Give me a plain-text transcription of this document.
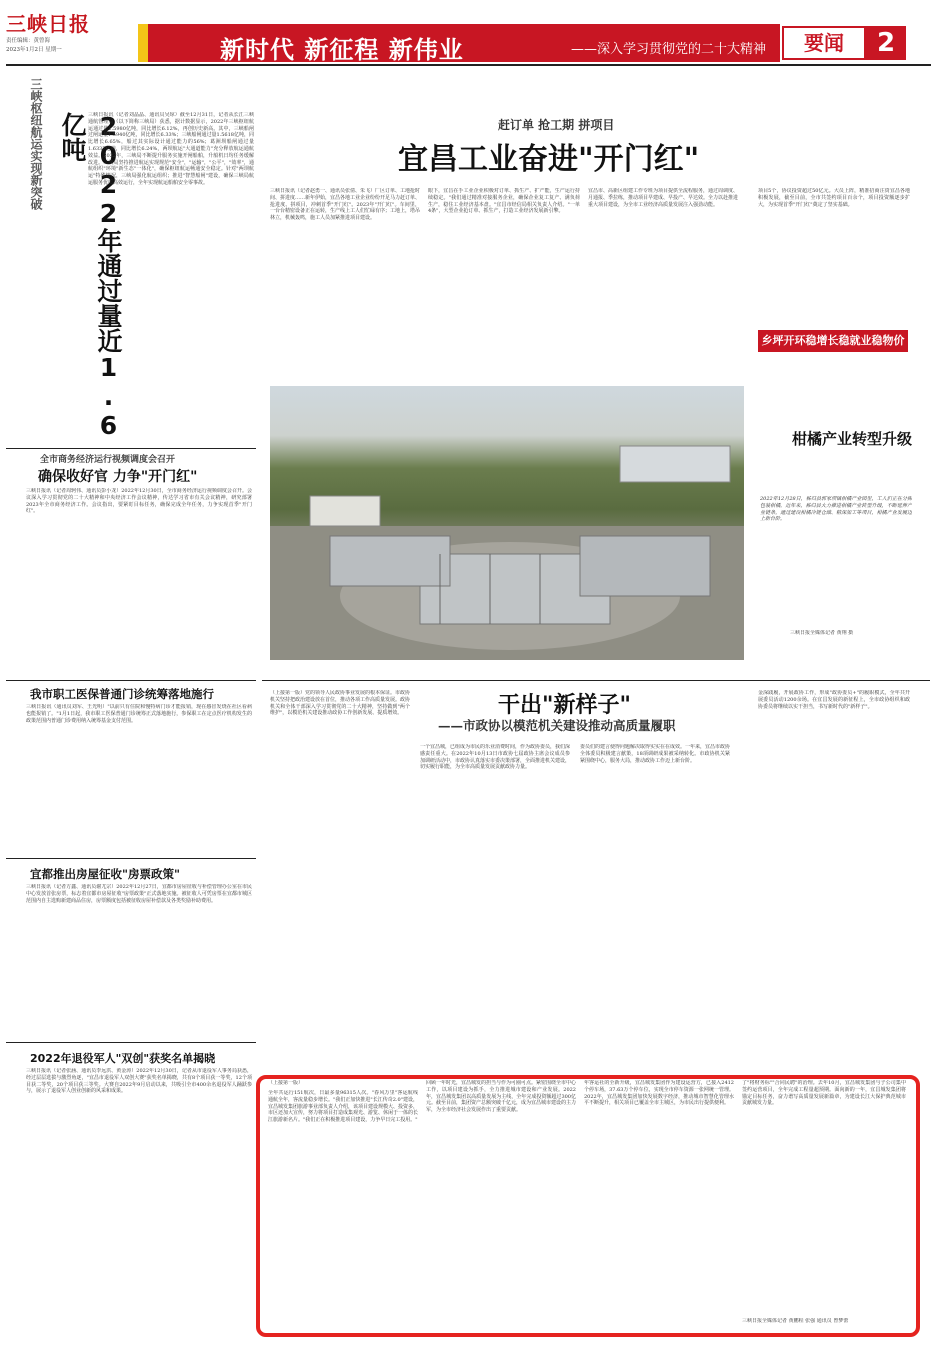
三峡日报
责任编辑：黄曾海
2023年1月2日 星期一	新时代 新征程 新伟业	——深入学习贯彻党的二十大精神	要闻	2
三峡枢纽航运实现新突破	2022年通过量近1.6亿吨 三峡日报讯（记者刘晶晶、通讯员吴琼）截至12月31日，记者从长江三峡通航管理局（以下简称三峡局）获悉，据计数据显示，2022年三峡枢纽航运通过量1.5980亿吨，同比增长6.12%，再创历史新高。其中，三峡船闸过闸运量1.5940亿吨，同比增长6.33%；三峡船闸通过量1.5618亿吨，同比增长6.65%，船过其实际设计通过能力的56%；葛洲坝船闸通过量1.6337亿吨，同比增长6.24%，两坝航运"大通道能力"充分释放航运通航效益。2022年，三峡局不断提升服务实施开闸船舶，升船机日均任务缓解改进。三峡局坚持推进航运实现规范"安全"，"运输"，"公平"，"效率"，通航组织"环境"新生态"一体化"，确保枢纽航运畅通安全稳定。针对"两坝航运"特殊情况，三峡局强化航运组织；推进"智慧船闸"建设，确保三峡局航运服务优质高效运行，全年实现航运船舶安全零事故。
赶订单 抢工期 拼项目
宜昌工业奋进"开门红"
三峡日报讯（记者赵勇一、通讯员张倩、朱飞）厂区订单、工地抢时间、拼进度……新年伊始，宜昌各地工业企业纷纷开足马力赶订单、抢进度、拼项目，冲刺首季"开门红"。2023年"开门红"。车间里，一台台精密设备正在运转，生产线上工人们忙碌有序；工地上，塔吊林立，机械轰鸣，施工人员加紧推进项目建设。
眼下，宜昌在手工业企业积极对订单、抓生产、扩产能，生产运行持续稳定。"我们通过精准对接服务企业，确保企业复工复产、满负荷生产，稳住工业经济基本盘。"宜昌市经信局相关负责人介绍。"一单4条"，大型企业抢订单、抓生产，打造工业经济发展新引擎。
宜昌市、高新区组建工作专班为项目提供全流程服务，通过周调度、月通报、季拉练，推动项目早建成、早投产、早达效。全力以赴推进重大项目建设，为全市工业经济高质量发展注入强劲动能。
项目5个，协议投资超过50亿元。大员上阵，精准招商注资宜昌各地积极发展，截至目前，全市共签约项目百余个，项目投资额逐步扩大，为实现首季"开门红"奠定了坚实基础。
乡坪开环稳增长稳就业稳物价
柑橘产业转型升级
2022年12月28日，秭归县郭家坝镇柑橘产业园里，工人们正在分拣包装柑橘。近年来，秭归县大力推进柑橘产业转型升级，不断延伸产业链条，通过建设柑橘冷链仓储、精深加工等项目，柑橘产业发展迈上新台阶。
三峡日报全媒体记者 黄翔 摄
全市商务经济运行视频调度会召开
确保收好官 力争"开门红"
三峡日报讯（记者周轲伟、通讯员彭小龙）2022年12月30日，全市商务经济运行视频调度会召开。会议深入学习贯彻党的二十大精神和中央经济工作会议精神，传达学习省市有关会议精神，研究部署2023年全市商务经济工作。会议指出，要紧盯目标任务，确保完成全年任务，力争实现首季"开门红"。
我市职工医保普通门诊统筹落地施行
三峡日报讯（通讯员刘军、王光明）"以前只有住院和慢特病门诊才能报销，现在感冒发烧在社区看病也能报销了。"1月1日起，我市职工医保普通门诊统筹正式落地施行，参保职工在定点医疗机构发生的政策范围内普通门诊费用纳入统筹基金支付范围。
宜都推出房屋征收"房票政策"
三峡日报讯（记者方鑫、通讯员谢尤宗）2022年12月27日，宜都市房屋征收与补偿管理办公室在市民中心发放首张房票，标志着宜都市房屋征收"房票政策"正式落地实施。被征收人可凭房票在宜都市城区范围内自主选购新建商品住房，房票额度包括被征收房屋补偿款及各类奖励补助费用。
2022年退役军人"双创"获奖名单揭晓
三峡日报讯（记者张涵、通讯员李远洪、黄金涛）2022年12月30日，记者从市退役军人事务局获悉，经过层层选拔与激烈角逐，"宜昌市退役军人双创大赛"获奖名单揭晓，共有8个项目获一等奖，12个项目获二等奖，20个项目获三等奖。大赛自2022年9月启动以来，共吸引全市400余名退役军人踊跃参与，展示了退役军人创业创新的风采和成果。
干出"新样子"
——市政协以模范机关建设推动高质量履职
（上接第一版）党的领导人民政协事业发展的根本保证。市政协机关坚持把政治建设放在首位，推动各项工作高质量发展。政协机关和全体干部深入学习贯彻党的二十大精神，坚持做到"两个维护"，以模范机关建设推动政协工作创新发展、提质增效。
一个宜昌城，已组成为市民的乐业消费时间，作为政协委员，我们深感责任重大。在2022年10月13日市政协七届政协主席会议成员参加调研活动中，市政协认真落实市委决策部署，全面推进机关建设，切实履行职能，为全市高质量发展贡献政协力量。
委员们的建言使得问题解决取得实实在在成效。一年来，宜昌市政协全体委员积极建言献策，18项调研成果被采纳转化。市政协机关紧紧围绕中心，服务大局，推动政协工作迈上新台阶。
金深践履，开展政协工作，形成"政协委员+"的履职模式，全年共开展委员活动1200余场。在宜昌发展的新征程上，全市政协组织和政协委员将继续以实干担当，书写新时代的"新样子"。
（上接第一版）
全年共运行151航次，日最多量96315人次。"春风万里"客运航线通航全年，客流量稳步增长。"我们正加快推进"长江传奇2.0"建设，宜昌城发集团旅游事业部负责人介绍，该项目建设规模大、投资多，市区还加大宣传，努力将项目打造成集观光、游览、休闲于一体的长江旅游新名片。"我们正在积极推进项目建设，力争早日完工投用。"
回顾一年时光，宜昌城发的担当与作为可圈可点。紧密围绕全市中心工作，以项目建设为抓手，全力推进城市建设和产业发展。2022年，宜昌城发集团以高质量发展为主线，全年完成投资额超过300亿元。截至目前，集团资产总额突破千亿元，成为宜昌城市建设的主力军，为全市经济社会发展作出了重要贡献。
年客运社的全新升级，宜昌城发集团作为建设运营方，已接入2412个停车场，37.63万个停车位，实现全市停车资源一张网统一管理。2022年，宜昌城发集团加快发展数字经济，推动城市智慧化管理水平不断提升，相关项目已覆盖全市主城区，为市民出行提供便利。
了"将财务标""合同民聘"的治理。去年10月，宜昌城发集团与子公司集中签约运营项目，全年完成工程量超预期。面向新的一年，宜昌城发集团将锚定目标任务，奋力谱写高质量发展新篇章，为建设长江大保护典范城市贡献城发力量。
三峡日报全媒体记者 黄鹏程 张强 通讯员 曾梦蕾
